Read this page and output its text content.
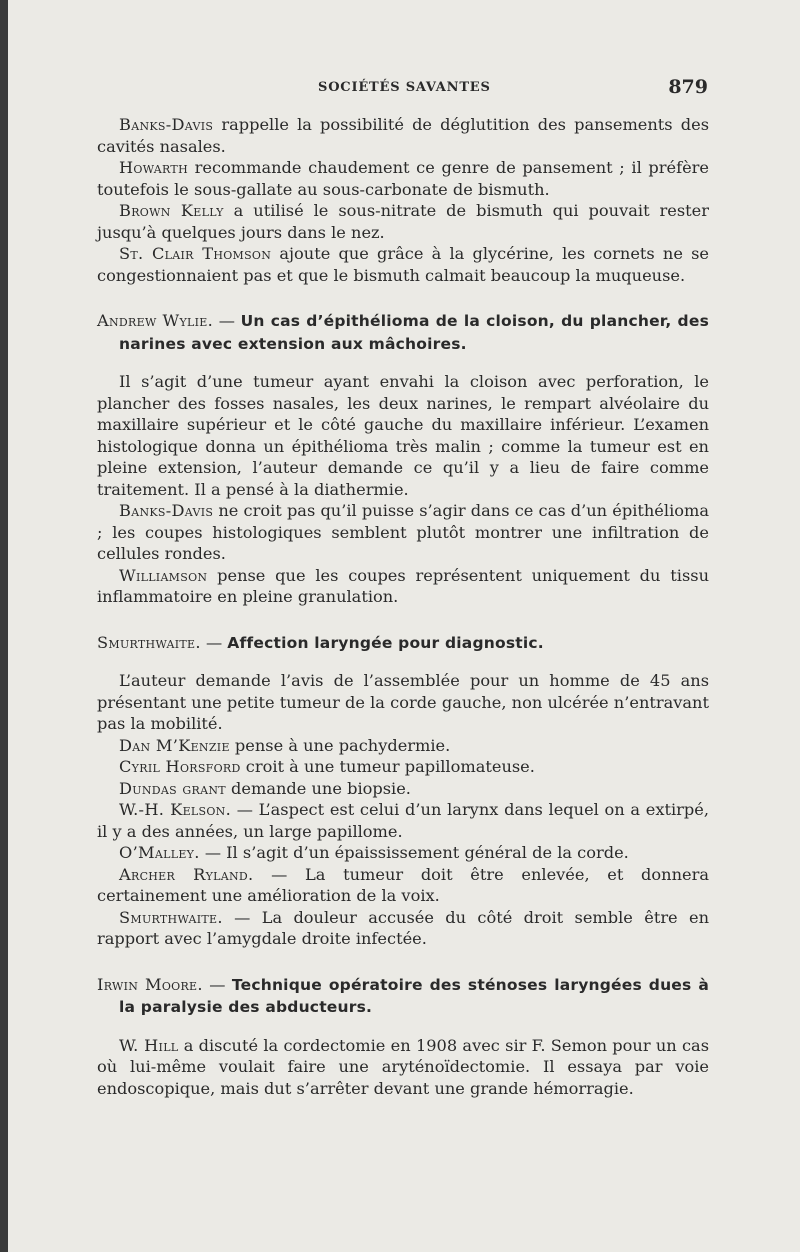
SOCIÉTÉS SAVANTES	879

Banks-Davis rappelle la possibilité de déglutition des pansements des cavités nasales.

Howarth recommande chaudement ce genre de pansement ; il préfère toutefois le sous-gallate au sous-carbonate de bismuth.

Brown Kelly a utilisé le sous-nitrate de bismuth qui pouvait rester jusqu’à quelques jours dans le nez.

St. Clair Thomson ajoute que grâce à la glycérine, les cornets ne se congestionnaient pas et que le bismuth calmait beaucoup la muqueuse.

Andrew Wylie. — Un cas d’épithélioma de la cloison, du plancher, des narines avec extension aux mâchoires.

Il s’agit d’une tumeur ayant envahi la cloison avec perforation, le plancher des fosses nasales, les deux narines, le rempart alvéolaire du maxillaire supérieur et le côté gauche du maxillaire inférieur. L’examen histologique donna un épithélioma très malin ; comme la tumeur est en pleine extension, l’auteur demande ce qu’il y a lieu de faire comme traitement. Il a pensé à la diathermie.

Banks-Davis ne croit pas qu’il puisse s’agir dans ce cas d’un épithélioma ; les coupes histologiques semblent plutôt montrer une infiltration de cellules rondes.

Williamson pense que les coupes représentent uniquement du tissu inflammatoire en pleine granulation.

Smurthwaite. — Affection laryngée pour diagnostic.

L’auteur demande l’avis de l’assemblée pour un homme de 45 ans présentant une petite tumeur de la corde gauche, non ulcérée n’entravant pas la mobilité.

Dan M’Kenzie pense à une pachydermie.

Cyril Horsford croit à une tumeur papillomateuse.

Dundas grant demande une biopsie.

W.-H. Kelson. — L’aspect est celui d’un larynx dans lequel on a extirpé, il y a des années, un large papillome.

O’Malley. — Il s’agit d’un épaississement général de la corde.

Archer Ryland. — La tumeur doit être enlevée, et donnera certainement une amélioration de la voix.

Smurthwaite. — La douleur accusée du côté droit semble être en rapport avec l’amygdale droite infectée.

Irwin Moore. — Technique opératoire des sténoses laryngées dues à la paralysie des abducteurs.

W. Hill a discuté la cordectomie en 1908 avec sir F. Semon pour un cas où lui-même voulait faire une aryténoïdectomie. Il essaya par voie endoscopique, mais dut s’arrêter devant une grande hémorragie.
